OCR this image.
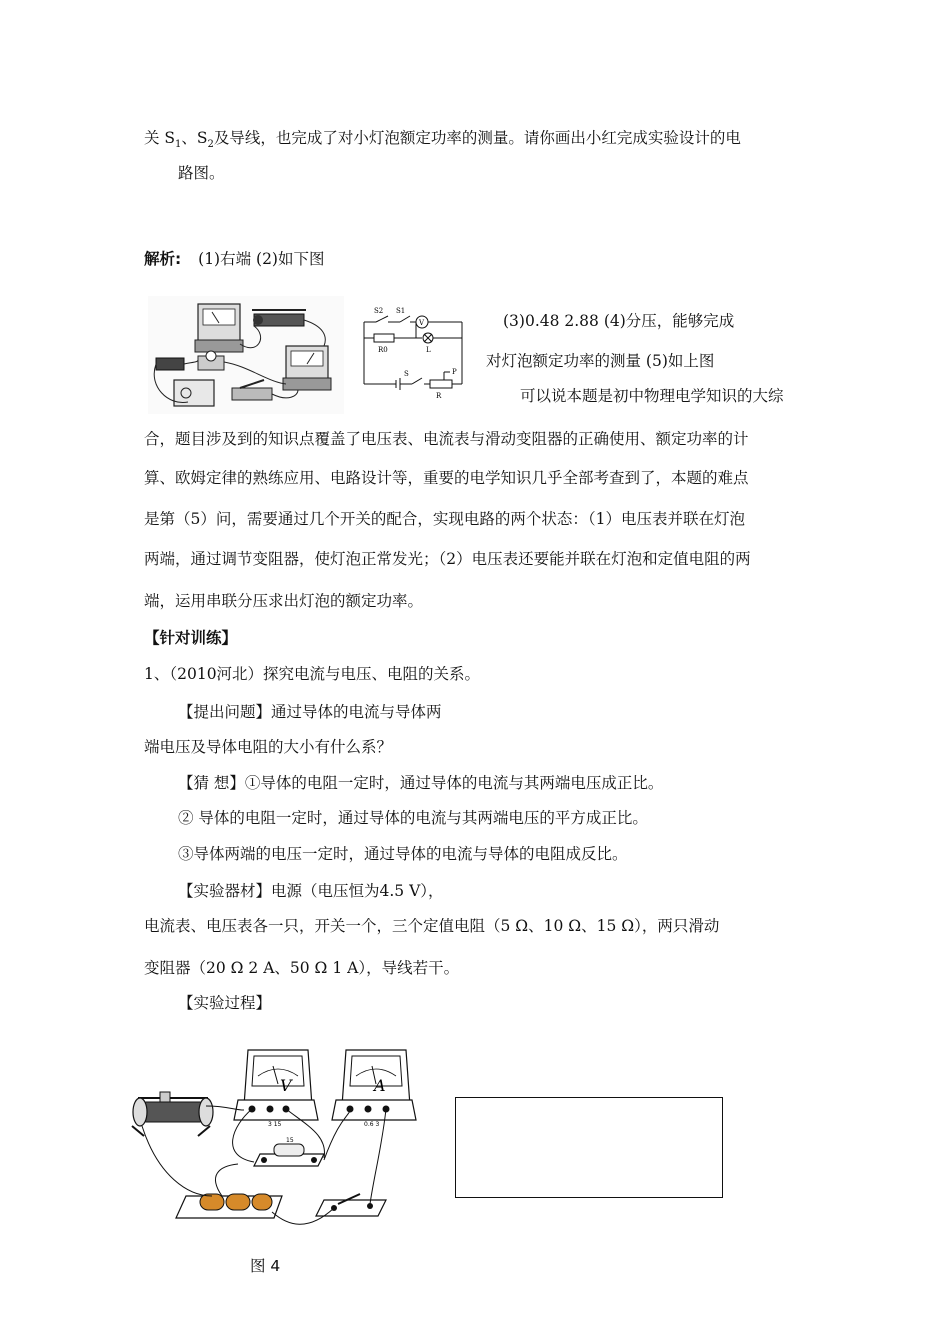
关 $S_1$、$S_2$及导线，也完成了对小灯泡额定功率的测量。请你画出小红完成实验设计的电
路图。
解析: (1)右端 (2)如下图
S2 S1
V
R0	L
S	P
R
(3)0.48 2.88 (4)分压，能够完成
对灯泡额定功率的测量 (5)如上图
可以说本题是初中物理电学知识的大综
合，题目涉及到的知识点覆盖了电压表、电流表与滑动变阻器的正确使用、额定功率的计
算、欧姆定律的熟练应用、电路设计等，重要的电学知识几乎全部考查到了，本题的难点
是第（5）问，需要通过几个开关的配合，实现电路的两个状态：（1）电压表并联在灯泡
两端，通过调节变阻器，使灯泡正常发光；（2）电压表还要能并联在灯泡和定值电阻的两
端，运用串联分压求出灯泡的额定功率。
【针对训练】
1、（2010河北）探究电流与电压、电阻的关系。
【提出问题】通过导体的电流与导体两
端电压及导体电阻的大小有什么系？
【猜 想】①导体的电阻一定时，通过导体的电流与其两端电压成正比。
② 导体的电阻一定时，通过导体的电流与其两端电压的平方成正比。
③导体两端的电压一定时，通过导体的电流与导体的电阻成反比。
【实验器材】电源（电压恒为4.5 V），
电流表、电压表各一只，开关一个，三个定值电阻（5 Ω、10 Ω、15 Ω），两只滑动
变阻器（20 Ω 2 A、50 Ω 1 A），导线若干。
【实验过程】
V
3 15
A
0.6 3
15
图 4
